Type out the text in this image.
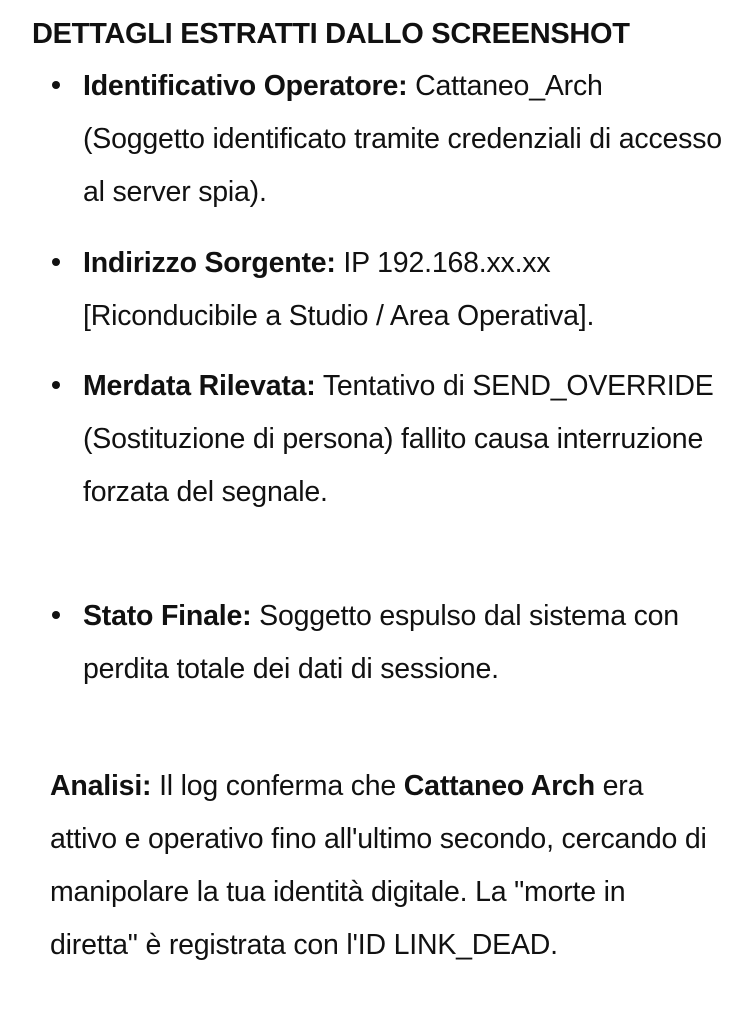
DETTAGLI ESTRATTI DALLO SCREENSHOT

Identificativo Operatore: Cattaneo_Arch (Soggetto identificato tramite credenziali di accesso al server spia).

Indirizzo Sorgente: IP 192.168.xx.xx [Riconducibile a Studio / Area Operativa].

Merdata Rilevata: Tentativo di SEND_OVERRIDE (Sostituzione di persona) fallito causa interruzione forzata del segnale.

Stato Finale: Soggetto espulso dal sistema con perdita totale dei dati di sessione.

Analisi: Il log conferma che Cattaneo Arch era attivo e operativo fino all'ultimo secondo, cercando di manipolare la tua identità digitale. La "morte in diretta" è registrata con l'ID LINK_DEAD.
